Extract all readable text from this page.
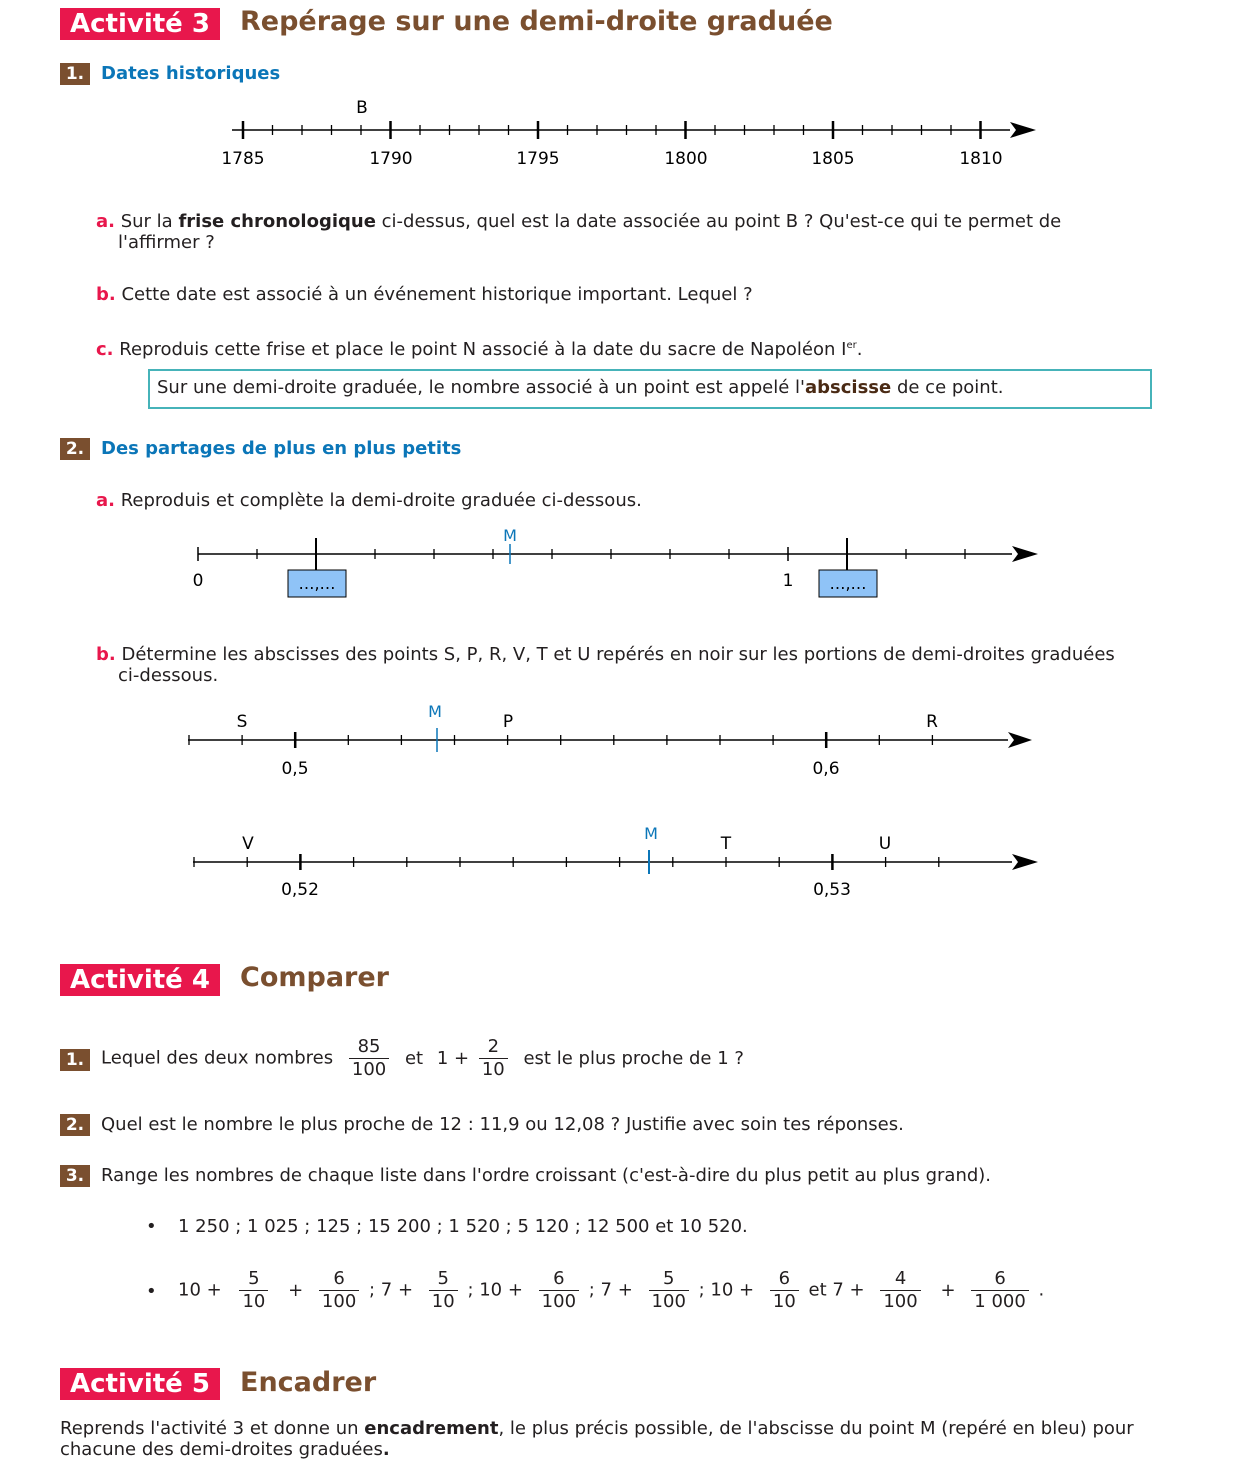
Activité 3	Repérage sur une demi-droite graduée
1. Dates historiques
B
1785	1790	1795	1800	1805	1810
a. Sur la frise chronologique ci-dessus, quel est la date associée au point B ? Qu'est-ce qui te permet de
l'affirmer ?
b. Cette date est associé à un événement historique important. Lequel ?
c. Reproduis cette frise et place le point N associé à la date du sacre de Napoléon Ier.
Sur une demi-droite graduée, le nombre associé à un point est appelé l'abscisse de ce point.
2. Des partages de plus en plus petits
a. Reproduis et complète la demi-droite graduée ci-dessous.
M
0	1
…,…	…,…
b. Détermine les abscisses des points S, P, R, V, T et U repérés en noir sur les portions de demi-droites graduées
ci-dessous.
M
S	P	R
0,5	0,6
M
V	T	U
0,52	0,53
Activité 4	Comparer
1. Lequel des deux nombres $\frac{85}{100}$ et $1 + \frac{2}{10}$ est le plus proche de 1 ?
2. Quel est le nombre le plus proche de 12 : 11,9 ou 12,08 ? Justifie avec soin tes réponses.
3. Range les nombres de chaque liste dans l'ordre croissant (c'est-à-dire du plus petit au plus grand).
• 1 250 ; 1 025 ; 125 ; 15 200 ; 1 520 ; 5 120 ; 12 500 et 10 520.
• $10 + \frac{5}{10} + \frac{6}{100}$ ; $7 + \frac{5}{10}$ ; $10 + \frac{6}{100}$ ; $7 + \frac{5}{100}$ ; $10 + \frac{6}{10}$ et $7 + \frac{4}{100} + \frac{6}{1 000}$ .
Activité 5	Encadrer
Reprends l'activité 3 et donne un encadrement, le plus précis possible, de l'abscisse du point M (repéré en bleu) pour
chacune des demi-droites graduées.
